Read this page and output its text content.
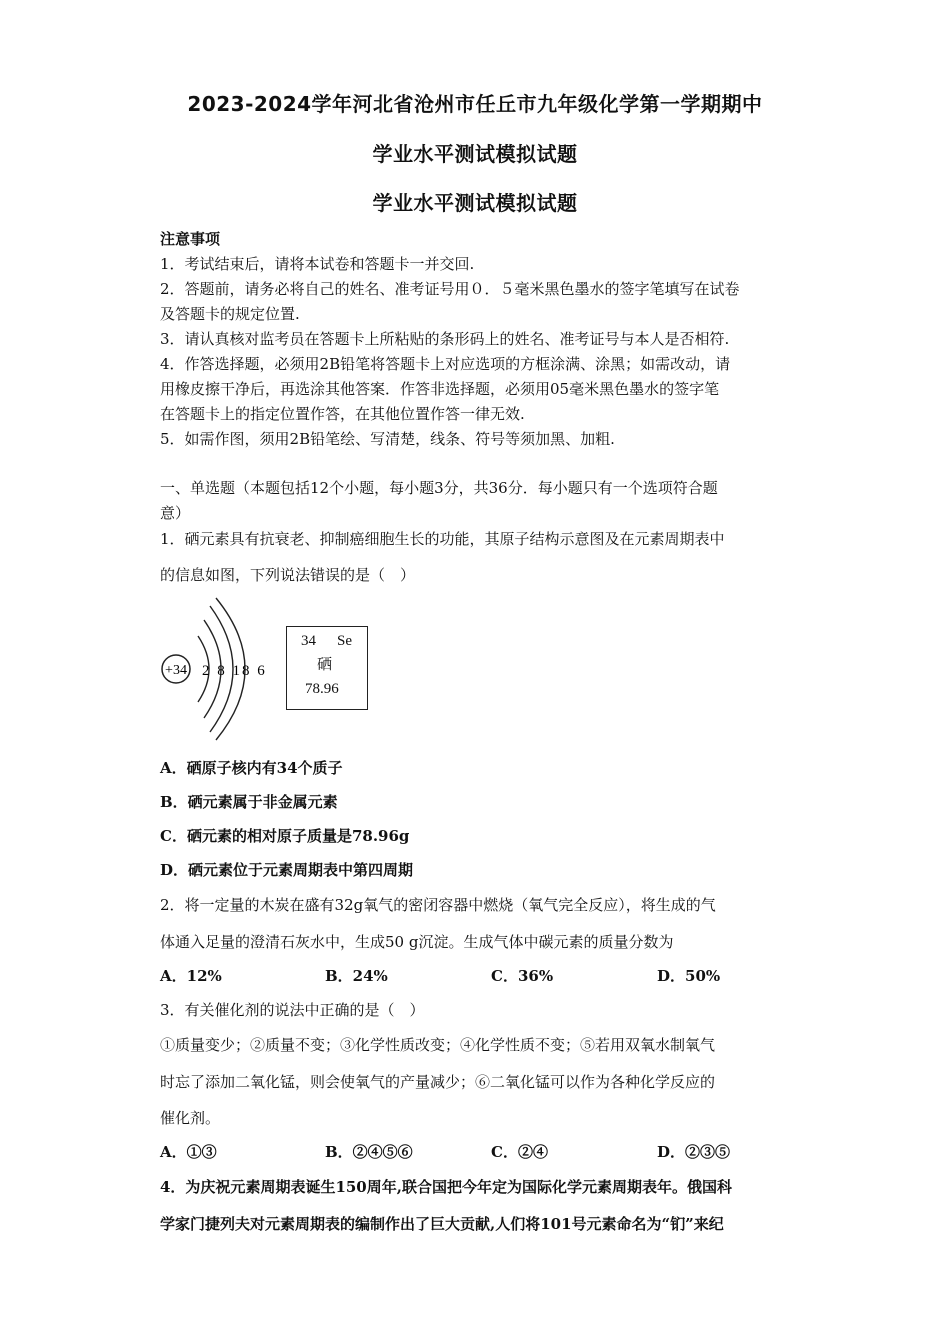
2023-2024学年河北省沧州市任丘市九年级化学第一学期期中
学业水平测试模拟试题
学业水平测试模拟试题
注意事项
1．考试结束后，请将本试卷和答题卡一并交回.
2．答题前，请务必将自己的姓名、准考证号用０．５毫米黑色墨水的签字笔填写在试卷
及答题卡的规定位置.
3．请认真核对监考员在答题卡上所粘贴的条形码上的姓名、准考证号与本人是否相符.
4．作答选择题，必须用2B铅笔将答题卡上对应选项的方框涂满、涂黑；如需改动，请
用橡皮擦干净后，再选涂其他答案．作答非选择题，必须用05毫米黑色墨水的签字笔
在答题卡上的指定位置作答，在其他位置作答一律无效.
5．如需作图，须用2B铅笔绘、写清楚，线条、符号等须加黑、加粗.
一、单选题（本题包括12个小题，每小题3分，共36分．每小题只有一个选项符合题
意）
1．硒元素具有抗衰老、抑制癌细胞生长的功能，其原子结构示意图及在元素周期表中
的信息如图，下列说法错误的是（　）
+34 2 8 18 6
34 Se
硒
78.96
A．硒原子核内有34个质子
B．硒元素属于非金属元素
C．硒元素的相对原子质量是78.96g
D．硒元素位于元素周期表中第四周期
2．将一定量的木炭在盛有32g氧气的密闭容器中燃烧（氧气完全反应），将生成的气
体通入足量的澄清石灰水中，生成50 g沉淀。生成气体中碳元素的质量分数为
A．12%	B．24%	C．36%	D．50%
3．有关催化剂的说法中正确的是（　）
①质量变少；②质量不变；③化学性质改变；④化学性质不变；⑤若用双氧水制氧气
时忘了添加二氧化锰，则会使氧气的产量减少；⑥二氧化锰可以作为各种化学反应的
催化剂。
A．①③	B．②④⑤⑥	C．②④	D．②③⑤
4．为庆祝元素周期表诞生150周年,联合国把今年定为国际化学元素周期表年。俄国科
学家门捷列夫对元素周期表的编制作出了巨大贡献,人们将101号元素命名为“钔”来纪
